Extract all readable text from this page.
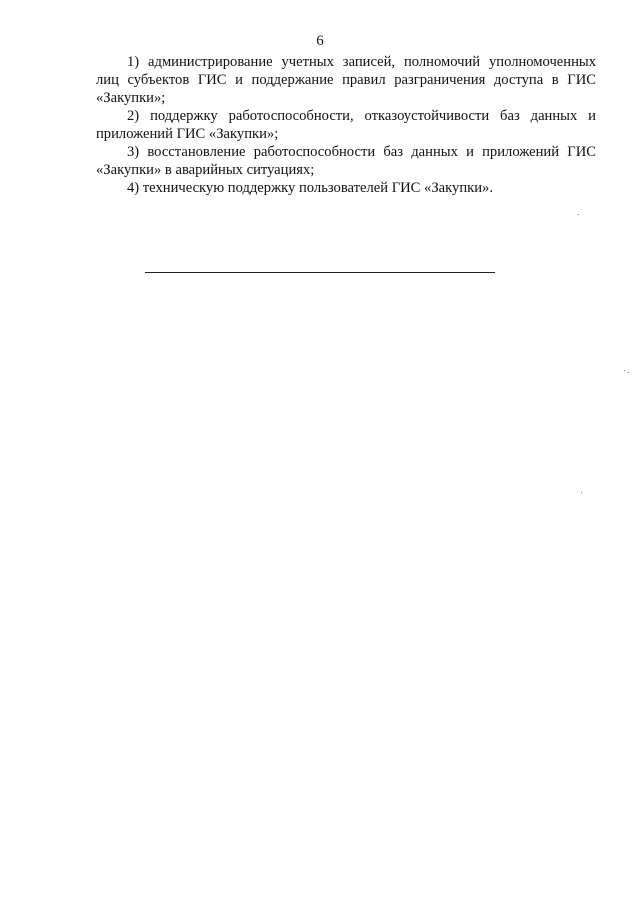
6

1) администрирование учетных записей, полномочий уполномоченных лиц субъектов ГИС и поддержание правил разграничения доступа в ГИС «Закупки»;

2) поддержку работоспособности, отказоустойчивости баз данных и приложений ГИС «Закупки»;

3) восстановление работоспособности баз данных и приложений ГИС «Закупки» в аварийных ситуациях;

4) техническую поддержку пользователей ГИС «Закупки».
